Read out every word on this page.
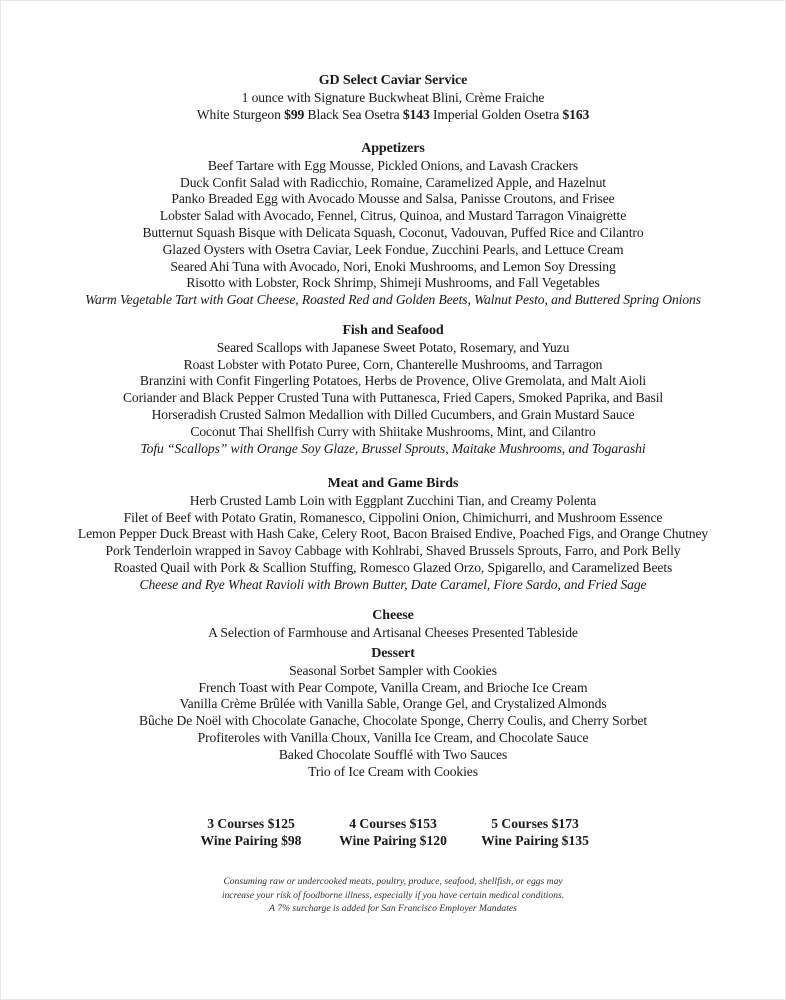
GD Select Caviar Service
1 ounce with Signature Buckwheat Blini, Crème Fraiche
White Sturgeon $99 Black Sea Osetra $143 Imperial Golden Osetra $163
Appetizers
Beef Tartare with Egg Mousse, Pickled Onions, and Lavash Crackers
Duck Confit Salad with Radicchio, Romaine, Caramelized Apple, and Hazelnut
Panko Breaded Egg with Avocado Mousse and Salsa, Panisse Croutons, and Frisee
Lobster Salad with Avocado, Fennel, Citrus, Quinoa, and Mustard Tarragon Vinaigrette
Butternut Squash Bisque with Delicata Squash, Coconut, Vadouvan, Puffed Rice and Cilantro
Glazed Oysters with Osetra Caviar, Leek Fondue, Zucchini Pearls, and Lettuce Cream
Seared Ahi Tuna with Avocado, Nori, Enoki Mushrooms, and Lemon Soy Dressing
Risotto with Lobster, Rock Shrimp, Shimeji Mushrooms, and Fall Vegetables
Warm Vegetable Tart with Goat Cheese, Roasted Red and Golden Beets, Walnut Pesto, and Buttered Spring Onions
Fish and Seafood
Seared Scallops with Japanese Sweet Potato, Rosemary, and Yuzu
Roast Lobster with Potato Puree, Corn, Chanterelle Mushrooms, and Tarragon
Branzini with Confit Fingerling Potatoes, Herbs de Provence, Olive Gremolata, and Malt Aioli
Coriander and Black Pepper Crusted Tuna with Puttanesca, Fried Capers, Smoked Paprika, and Basil
Horseradish Crusted Salmon Medallion with Dilled Cucumbers, and Grain Mustard Sauce
Coconut Thai Shellfish Curry with Shiitake Mushrooms, Mint, and Cilantro
Tofu “Scallops” with Orange Soy Glaze, Brussel Sprouts, Maitake Mushrooms, and Togarashi
Meat and Game Birds
Herb Crusted Lamb Loin with Eggplant Zucchini Tian, and Creamy Polenta
Filet of Beef with Potato Gratin, Romanesco, Cippolini Onion, Chimichurri, and Mushroom Essence
Lemon Pepper Duck Breast with Hash Cake, Celery Root, Bacon Braised Endive, Poached Figs, and Orange Chutney
Pork Tenderloin wrapped in Savoy Cabbage with Kohlrabi, Shaved Brussels Sprouts, Farro, and Pork Belly
Roasted Quail with Pork & Scallion Stuffing, Romesco Glazed Orzo, Spigarello, and Caramelized Beets
Cheese and Rye Wheat Ravioli with Brown Butter, Date Caramel, Fiore Sardo, and Fried Sage
Cheese
A Selection of Farmhouse and Artisanal Cheeses Presented Tableside
Dessert
Seasonal Sorbet Sampler with Cookies
French Toast with Pear Compote, Vanilla Cream, and Brioche Ice Cream
Vanilla Crème Brûlée with Vanilla Sable, Orange Gel, and Crystalized Almonds
Bûche De Noël with Chocolate Ganache, Chocolate Sponge, Cherry Coulis, and Cherry Sorbet
Profiteroles with Vanilla Choux, Vanilla Ice Cream, and Chocolate Sauce
Baked Chocolate Soufflé with Two Sauces
Trio of Ice Cream with Cookies
3 Courses $125
Wine Pairing $98
4 Courses $153
Wine Pairing $120
5 Courses $173
Wine Pairing $135
Consuming raw or undercooked meats, poultry, produce, seafood, shellfish, or eggs may
increase your risk of foodborne illness, especially if you have certain medical conditions.
A 7% surcharge is added for San Francisco Employer Mandates
